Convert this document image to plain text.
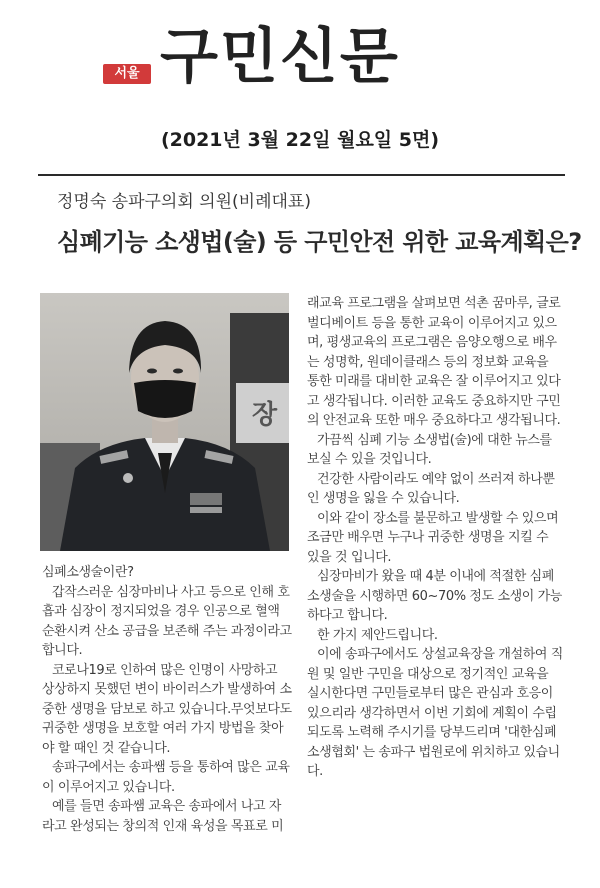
서울 구민신문
(2021년 3월 22일 월요일 5면)
정명숙 송파구의회 의원(비례대표)
심폐기능 소생법(술) 등 구민안전 위한 교육계획은?
장

심폐소생술이란?

갑작스러운 심장마비나 사고 등으로 인해 호흡과 심장이 정지되었을 경우 인공으로 혈액 순환시켜 산소 공급을 보존해 주는 과정이라고 합니다.

코로나19로 인하여 많은 인명이 사망하고 상상하지 못했던 변이 바이러스가 발생하여 소중한 생명을 담보로 하고 있습니다.무엇보다도 귀중한 생명을 보호할 여러 가지 방법을 찾아야 할 때인 것 같습니다.

송파구에서는 송파쌤 등을 통하여 많은 교육이 이루어지고 있습니다.

예를 들면 송파쌤 교육은 송파에서 나고 자라고 완성되는 창의적 인재 육성을 목표로 미

래교육 프로그램을 살펴보면 석촌 꿈마루, 글로벌디베이트 등을 통한 교육이 이루어지고 있으며, 평생교육의 프로그램은 음양오행으로 배우는 성명학, 원데이클래스 등의 정보화 교육을 통한 미래를 대비한 교육은 잘 이루어지고 있다고 생각됩니다. 이러한 교육도 중요하지만 구민의 안전교육 또한 매우 중요하다고 생각됩니다.

가끔씩 심폐 기능 소생법(술)에 대한 뉴스를 보실 수 있을 것입니다.

건강한 사람이라도 예약 없이 쓰러져 하나뿐인 생명을 잃을 수 있습니다.

이와 같이 장소를 불문하고 발생할 수 있으며 조금만 배우면 누구나 귀중한 생명을 지킬 수 있을 것 입니다.

심장마비가 왔을 때 4분 이내에 적절한 심폐소생술을 시행하면 60~70% 정도 소생이 가능하다고 합니다.

한 가지 제안드립니다.

이에 송파구에서도 상설교육장을 개설하여 직원 및 일반 구민을 대상으로 정기적인 교육을 실시한다면 구민들로부터 많은 관심과 호응이 있으리라 생각하면서 이번 기회에 계획이 수립되도록 노력해 주시기를 당부드리며 '대한심폐소생협회' 는 송파구 법원로에 위치하고 있습니다.
